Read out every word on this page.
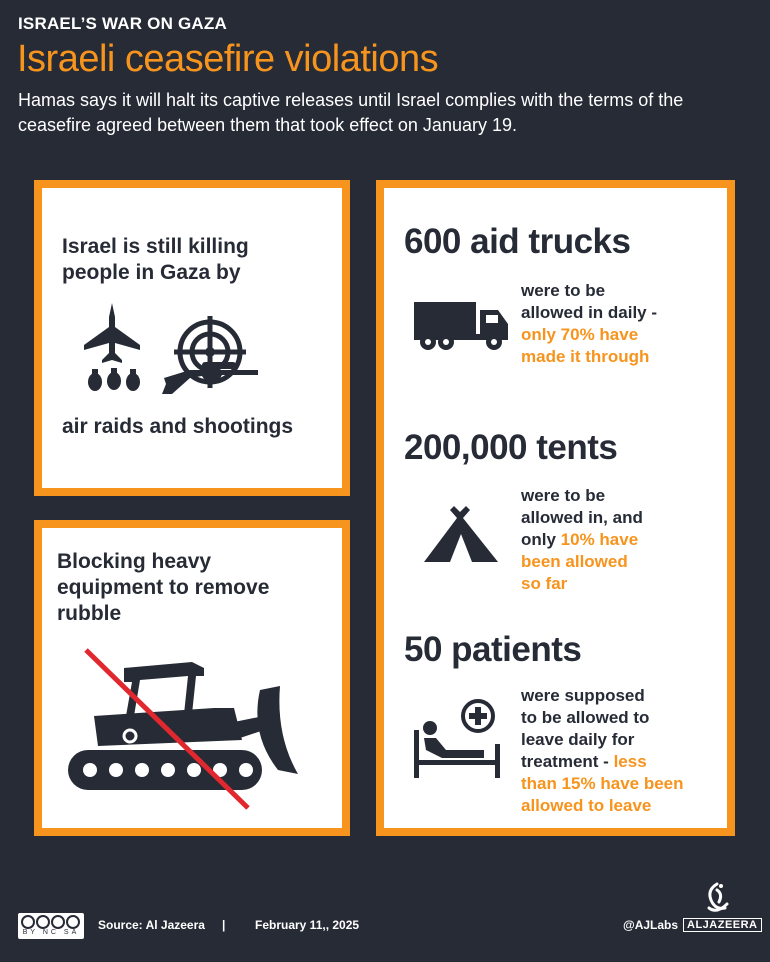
ISRAEL’S WAR ON GAZA
Israeli ceasefire violations
Hamas says it will halt its captive releases until Israel complies with the terms of the ceasefire agreed between them that took effect on January 19.
Israel is still killing
people in Gaza by
air raids and shootings
Blocking heavy
equipment to remove
rubble
600 aid trucks
were to be
allowed in daily -
only 70% have
made it through
200,000 tents
were to be
allowed in, and
only 10% have
been allowed
so far
50 patients
were supposed
to be allowed to
leave daily for
treatment - less
than 15% have been
allowed to leave
BY NC SA
Source: Al Jazeera | February 11,, 2025	@AJLabs ALJAZEERA
